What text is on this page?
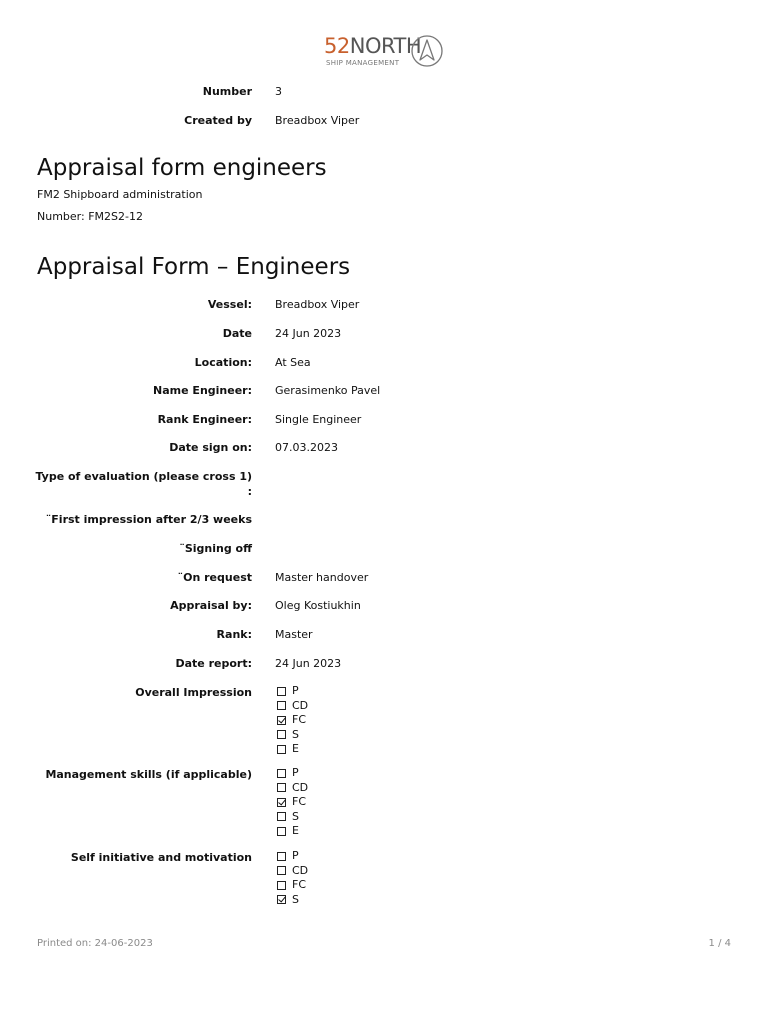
52NORTH
SHIP MANAGEMENT
Number 3
Created by Breadbox Viper
Appraisal form engineers
FM2 Shipboard administration
Number: FM2S2-12
Appraisal Form – Engineers
Vessel: Breadbox Viper
Date 24 Jun 2023
Location: At Sea
Name Engineer: Gerasimenko Pavel
Rank Engineer: Single Engineer
Date sign on: 07.03.2023
Type of evaluation (please cross 1)
:
¨First impression after 2/3 weeks
¨Signing off
¨On request Master handover
Appraisal by: Oleg Kostiukhin
Rank: Master
Date report: 24 Jun 2023
Overall Impression	P
CD
FC
S
E
Management skills (if applicable)	P
CD
FC
S
E
Self initiative and motivation	P
CD
FC
S
Printed on: 24-06-2023	1 / 4
